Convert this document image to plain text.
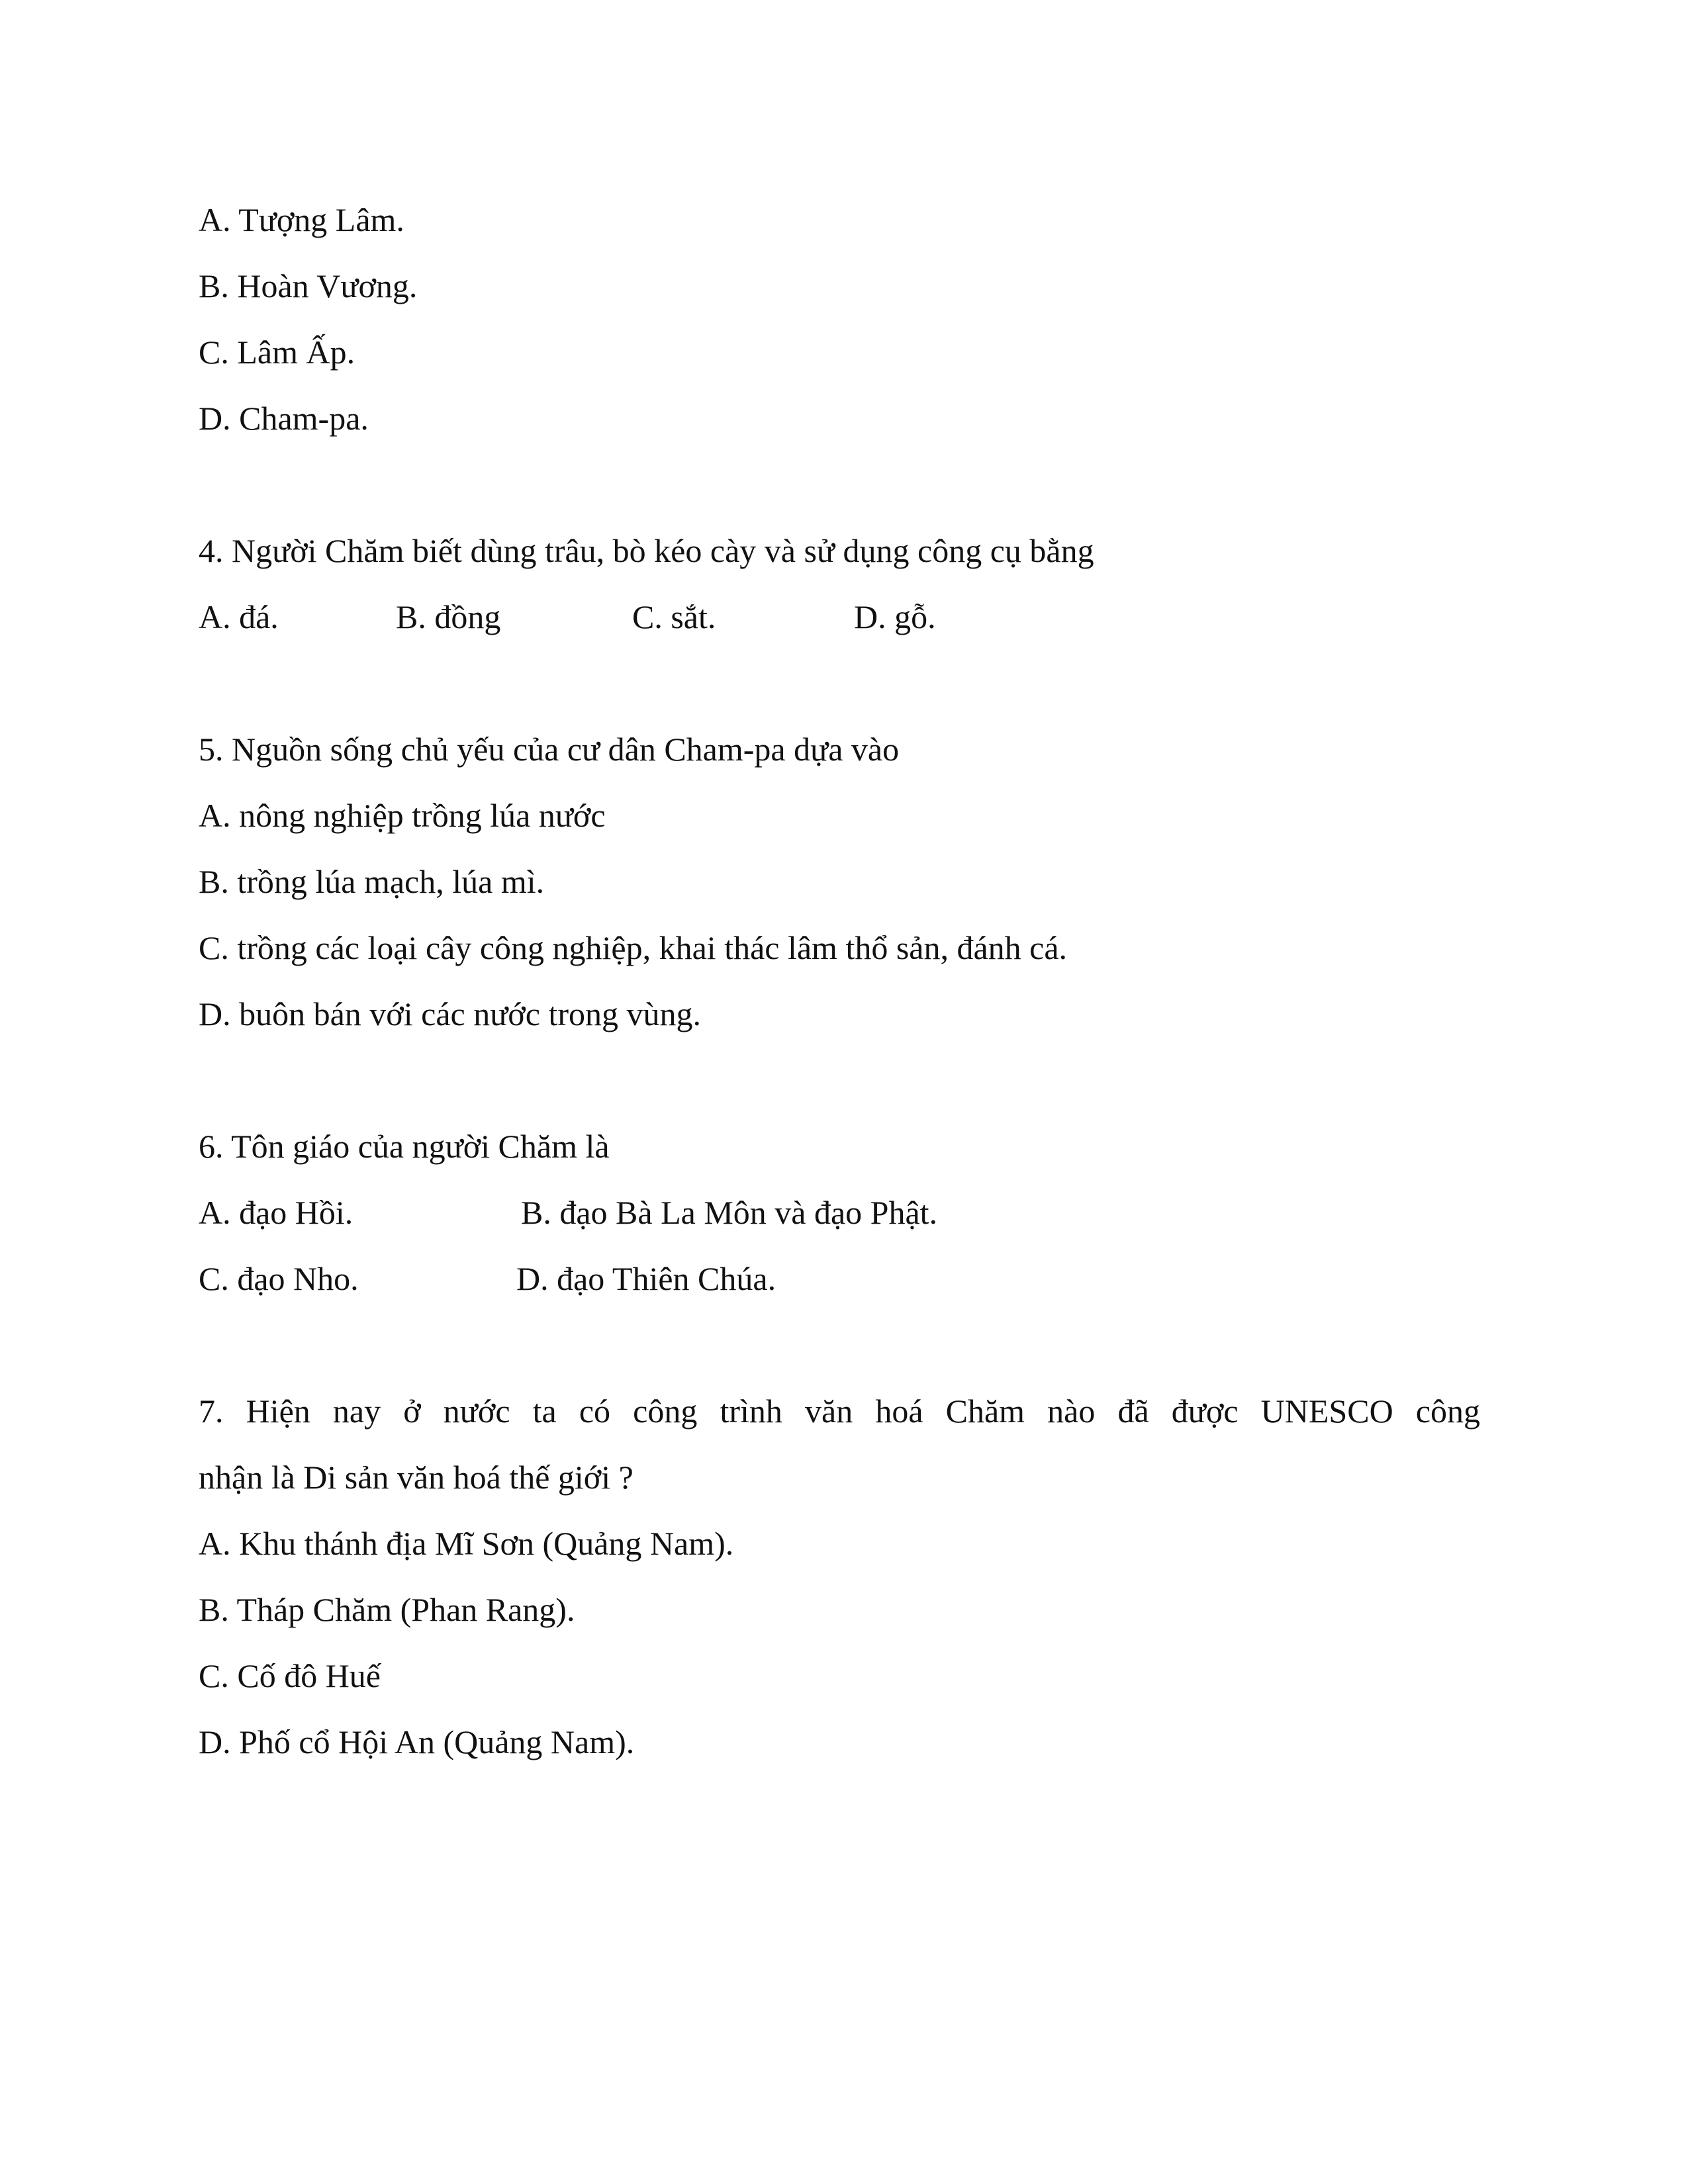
A. Tượng Lâm.
B. Hoàn Vương.
C. Lâm Ấp.
D. Cham-pa.
4. Người Chăm biết dùng trâu, bò kéo cày và sử dụng công cụ bằng
A. đá.	B. đồng	C. sắt.	D. gỗ.
5. Nguồn sống chủ yếu của cư dân Cham-pa dựa vào
A. nông nghiệp trồng lúa nước
B. trồng lúa mạch, lúa mì.
C. trồng các loại cây công nghiệp, khai thác lâm thổ sản, đánh cá.
D. buôn bán với các nước trong vùng.
6. Tôn giáo của người Chăm là
A. đạo Hồi.	B. đạo Bà La Môn và đạo Phật.
C. đạo Nho.	D. đạo Thiên Chúa.
7. Hiện nay ở nước ta có công trình văn hoá Chăm nào đã được UNESCO công
nhận là Di sản văn hoá thế giới ?
A. Khu thánh địa Mĩ Sơn (Quảng Nam).
B. Tháp Chăm (Phan Rang).
C. Cố đô Huế
D. Phố cổ Hội An (Quảng Nam).
